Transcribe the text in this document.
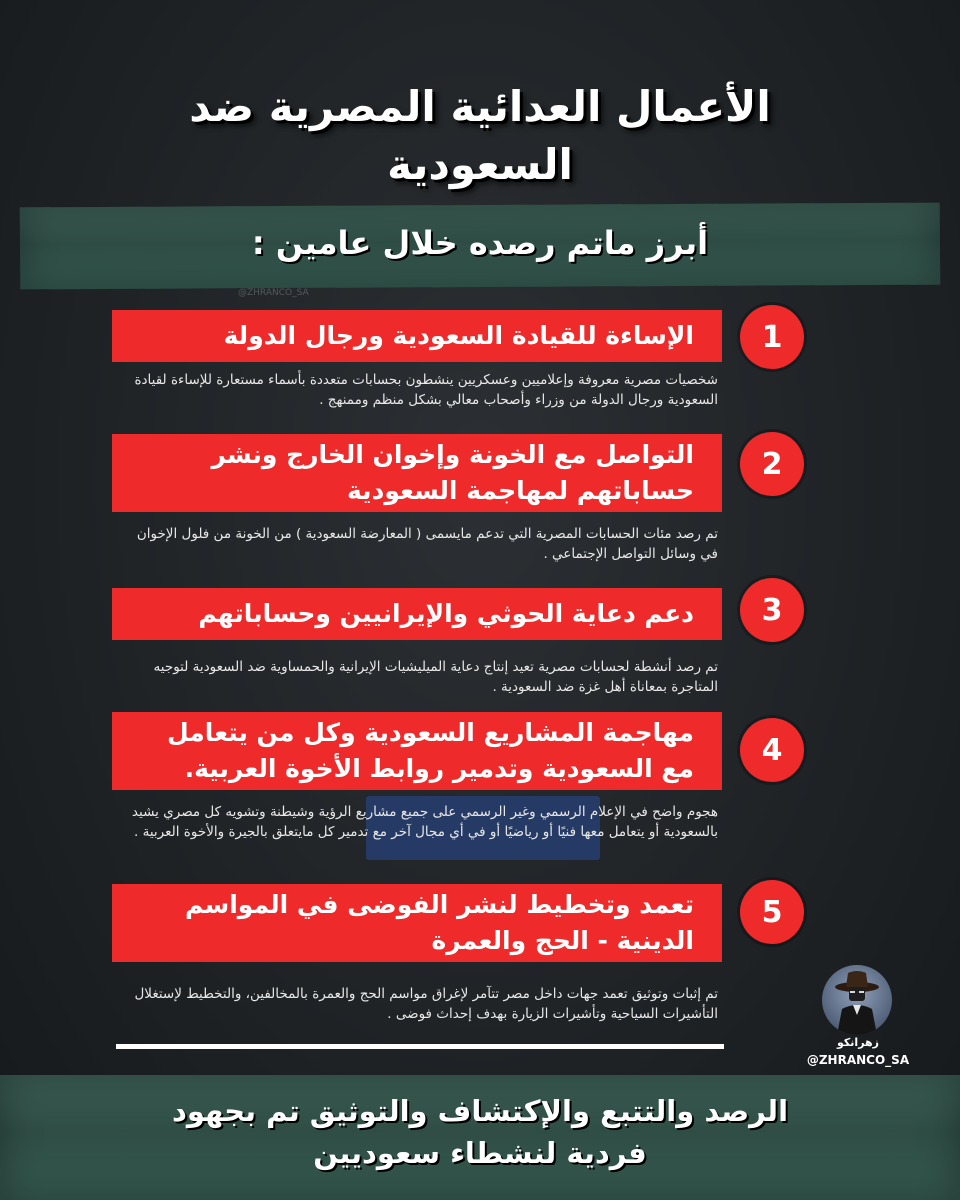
الأعمال العدائية المصرية ضد
السعودية
أبرز ماتم رصده خلال عامين :
@ZHRANCO_SA
الإساءة للقيادة السعودية ورجال الدولة 1
شخصيات مصرية معروفة وإعلاميين وعسكريين ينشطون بحسابات متعددة بأسماء مستعارة للإساءة لقيادة السعودية ورجال الدولة من وزراء وأصحاب معالي بشكل منظم وممنهج .
التواصل مع الخونة وإخوان الخارج ونشر حساباتهم لمهاجمة السعودية
2
تم رصد مئات الحسابات المصرية التي تدعم مايسمى ( المعارضة السعودية ) من الخونة من فلول الإخوان في وسائل التواصل الإجتماعي .
دعم دعاية الحوثي والإيرانيين وحساباتهم 3
تم رصد أنشطة لحسابات مصرية تعيد إنتاج دعاية الميليشيات الإيرانية والحمساوية ضد السعودية لتوجيه المتاجرة بمعاناة أهل غزة ضد السعودية .
مهاجمة المشاريع السعودية وكل من يتعامل مع السعودية وتدمير روابط الأخوة العربية.
4
هجوم واضح في الإعلام الرسمي وغير الرسمي على جميع مشاريع الرؤية وشيطنة وتشويه كل مصري يشيد بالسعودية أو يتعامل معها فنيًا أو رياضيًا أو في أي مجال آخر مع تدمير كل مايتعلق بالجيرة والأخوة العربية .
تعمد وتخطيط لنشر الفوضى في المواسم الدينية - الحج والعمرة
5
تم إثبات وتوثيق تعمد جهات داخل مصر تتآمر لإغراق مواسم الحج والعمرة بالمخالفين، والتخطيط لإستغلال التأشيرات السياحية وتأشيرات الزيارة بهدف إحداث فوضى .
زهرانكو
@ZHRANCO_SA
الرصد والتتبع والإكتشاف والتوثيق تم بجهود
فردية لنشطاء سعوديين
